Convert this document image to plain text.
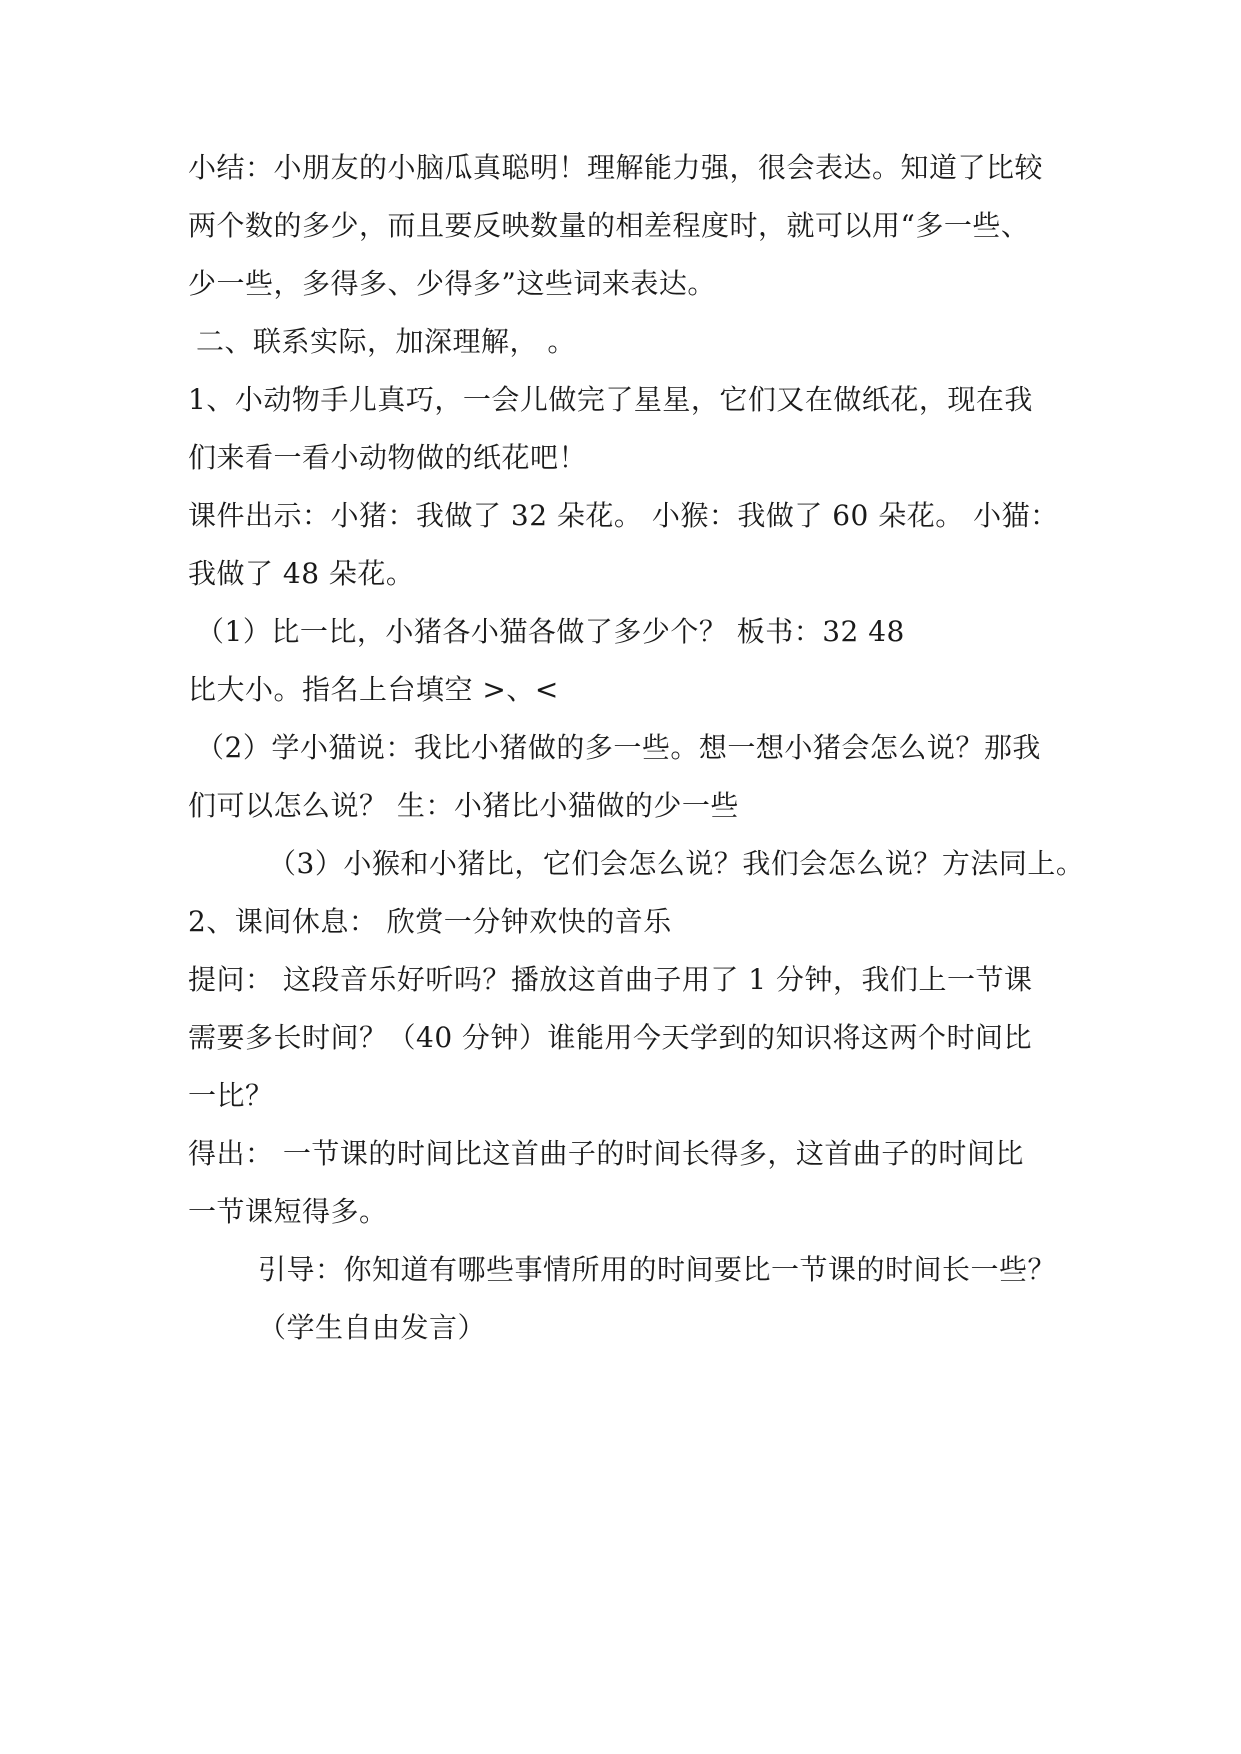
小结：小朋友的小脑瓜真聪明！理解能力强，很会表达。知道了比较
两个数的多少，而且要反映数量的相差程度时，就可以用“多一些、
少一些，多得多、少得多”这些词来表达。
二、联系实际，加深理解， 。
1、小动物手儿真巧，一会儿做完了星星，它们又在做纸花，现在我
们来看一看小动物做的纸花吧！
课件出示：小猪：我做了 32 朵花。 小猴：我做了 60 朵花。 小猫：
我做了 48 朵花。
（1）比一比，小猪各小猫各做了多少个？ 板书：32 48
比大小。指名上台填空 >、<
（2）学小猫说：我比小猪做的多一些。想一想小猪会怎么说？那我
们可以怎么说？ 生：小猪比小猫做的少一些
（3）小猴和小猪比，它们会怎么说？我们会怎么说？方法同上。
2、课间休息： 欣赏一分钟欢快的音乐
提问： 这段音乐好听吗？播放这首曲子用了 1 分钟，我们上一节课
需要多长时间？（40 分钟）谁能用今天学到的知识将这两个时间比
一比？
得出： 一节课的时间比这首曲子的时间长得多，这首曲子的时间比
一节课短得多。
引导：你知道有哪些事情所用的时间要比一节课的时间长一些？
（学生自由发言）
